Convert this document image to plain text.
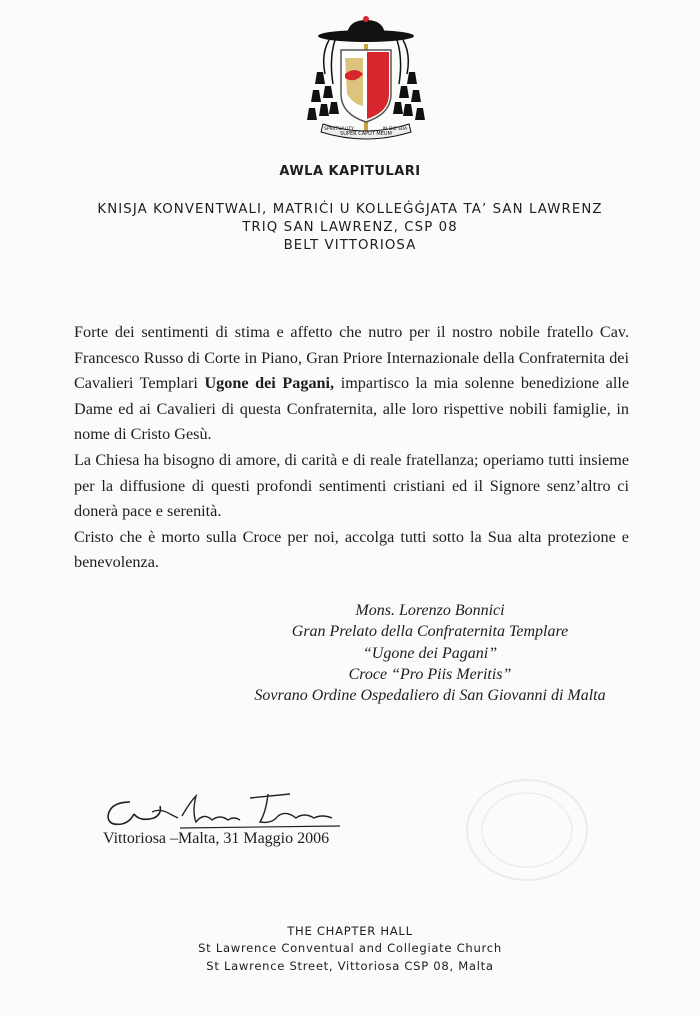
SUPER CAPUT MEUM
SPIRITUALITY	IN DIE SUA
AWLA KAPITULARI
KNISJA KONVENTWALI, MATRIĊI U KOLLEĠĠJATA TA’ SAN LAWRENZ
TRIQ SAN LAWRENZ, CSP 08
BELT VITTORIOSA

Forte dei sentimenti di stima e affetto che nutro per il nostro nobile fratello Cav. Francesco Russo di Corte in Piano, Gran Priore Internazionale della Confraternita dei Cavalieri Templari Ugone dei Pagani, impartisco la mia solenne benedizione alle Dame ed ai Cavalieri di questa Confraternita, alle loro rispettive nobili famiglie, in nome di Cristo Gesù.

La Chiesa ha bisogno di amore, di carità e di reale fratellanza; operiamo tutti insieme per la diffusione di questi profondi sentimenti cristiani ed il Signore senz’altro ci donerà pace e serenità.

Cristo che è morto sulla Croce per noi, accolga tutti sotto la Sua alta protezione e benevolenza.

Mons. Lorenzo Bonnici
Gran Prelato della Confraternita Templare
“Ugone dei Pagani”
Croce “Pro Piis Meritis”
Sovrano Ordine Ospedaliero di San Giovanni di Malta
Vittoriosa –Malta, 31 Maggio 2006
THE CHAPTER HALL
St Lawrence Conventual and Collegiate Church
St Lawrence Street, Vittoriosa CSP 08, Malta
